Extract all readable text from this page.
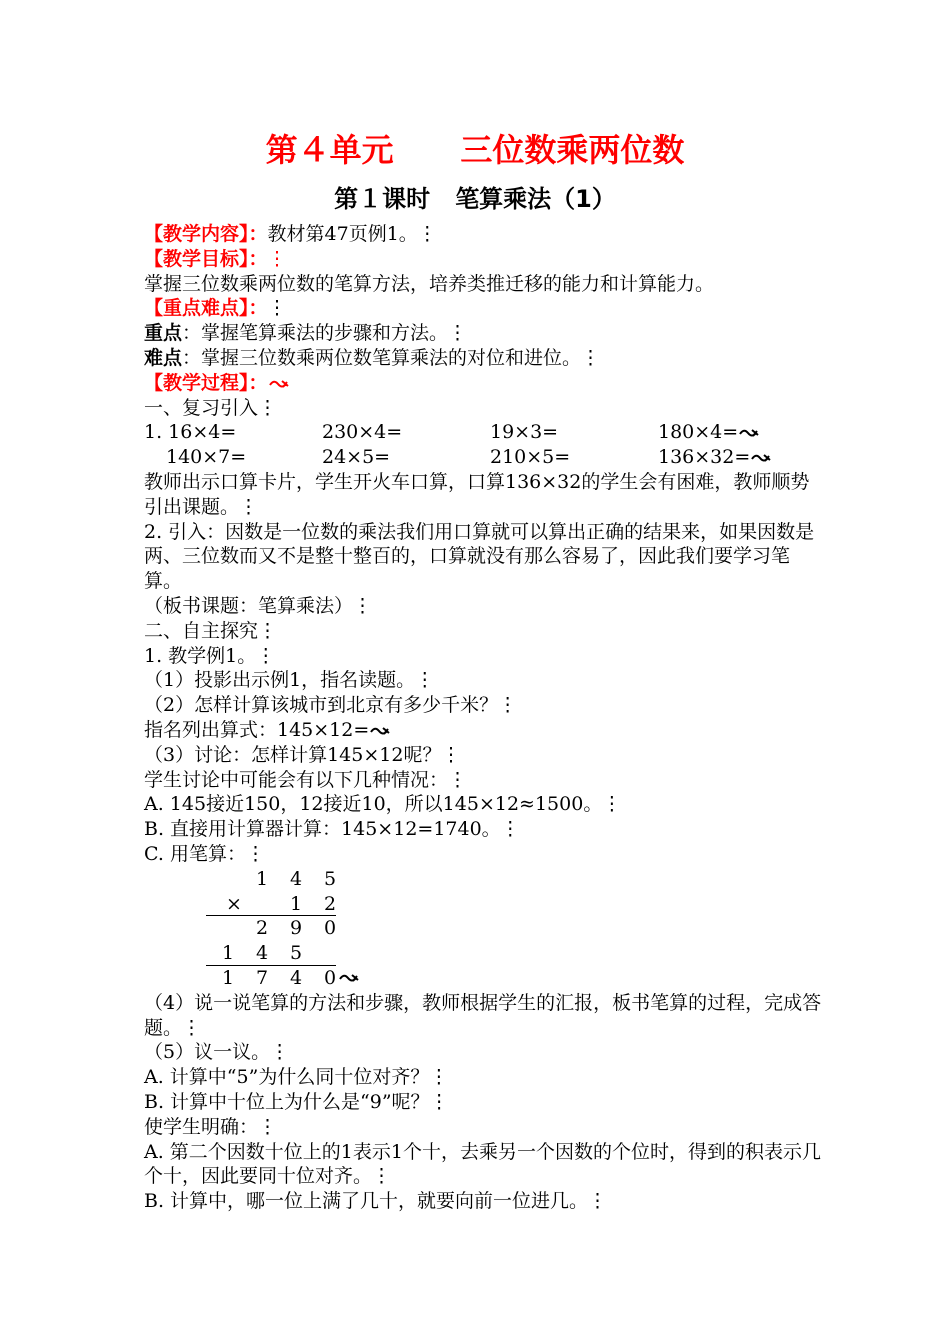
第４单元 三位数乘两位数
第１课时 笔算乘法（1）
【教学内容】：教材第47页例1。⋮
【教学目标】：⋮
掌握三位数乘两位数的笔算方法，培养类推迁移的能力和计算能力。
【重点难点】：⋮
重点：掌握笔算乘法的步骤和方法。⋮
难点：掌握三位数乘两位数笔算乘法的对位和进位。⋮
【教学过程】：
一、复习引入⋮
1. 16×4=	230×4=	19×3=	180×4=
140×7=	24×5=	210×5=	136×32=
教师出示口算卡片，学生开火车口算，口算136×32的学生会有困难，教师顺势引出课题。⋮
2. 引入：因数是一位数的乘法我们用口算就可以算出正确的结果来，如果因数是两、三位数而又不是整十整百的，口算就没有那么容易了，因此我们要学习笔算。
（板书课题：笔算乘法）⋮
二、自主探究⋮
1. 教学例1。⋮
（1）投影出示例1，指名读题。⋮
（2）怎样计算该城市到北京有多少千米？⋮
指名列出算式：145×12=
（3）讨论：怎样计算145×12呢？⋮
学生讨论中可能会有以下几种情况：⋮
A. 145接近150，12接近10，所以145×12≈1500。⋮
B. 直接用计算器计算：145×12=1740。⋮
C. 用笔算：⋮
1	4	5
×	1	2
2	9	0
1	4	5
1	7	4	0
（4）说一说笔算的方法和步骤，教师根据学生的汇报，板书笔算的过程，完成答题。⋮
（5）议一议。⋮
A. 计算中“5”为什么同十位对齐？⋮
B. 计算中十位上为什么是“9”呢？⋮
使学生明确：⋮
A. 第二个因数十位上的1表示1个十，去乘另一个因数的个位时，得到的积表示几个十，因此要同十位对齐。⋮
B. 计算中，哪一位上满了几十，就要向前一位进几。⋮
